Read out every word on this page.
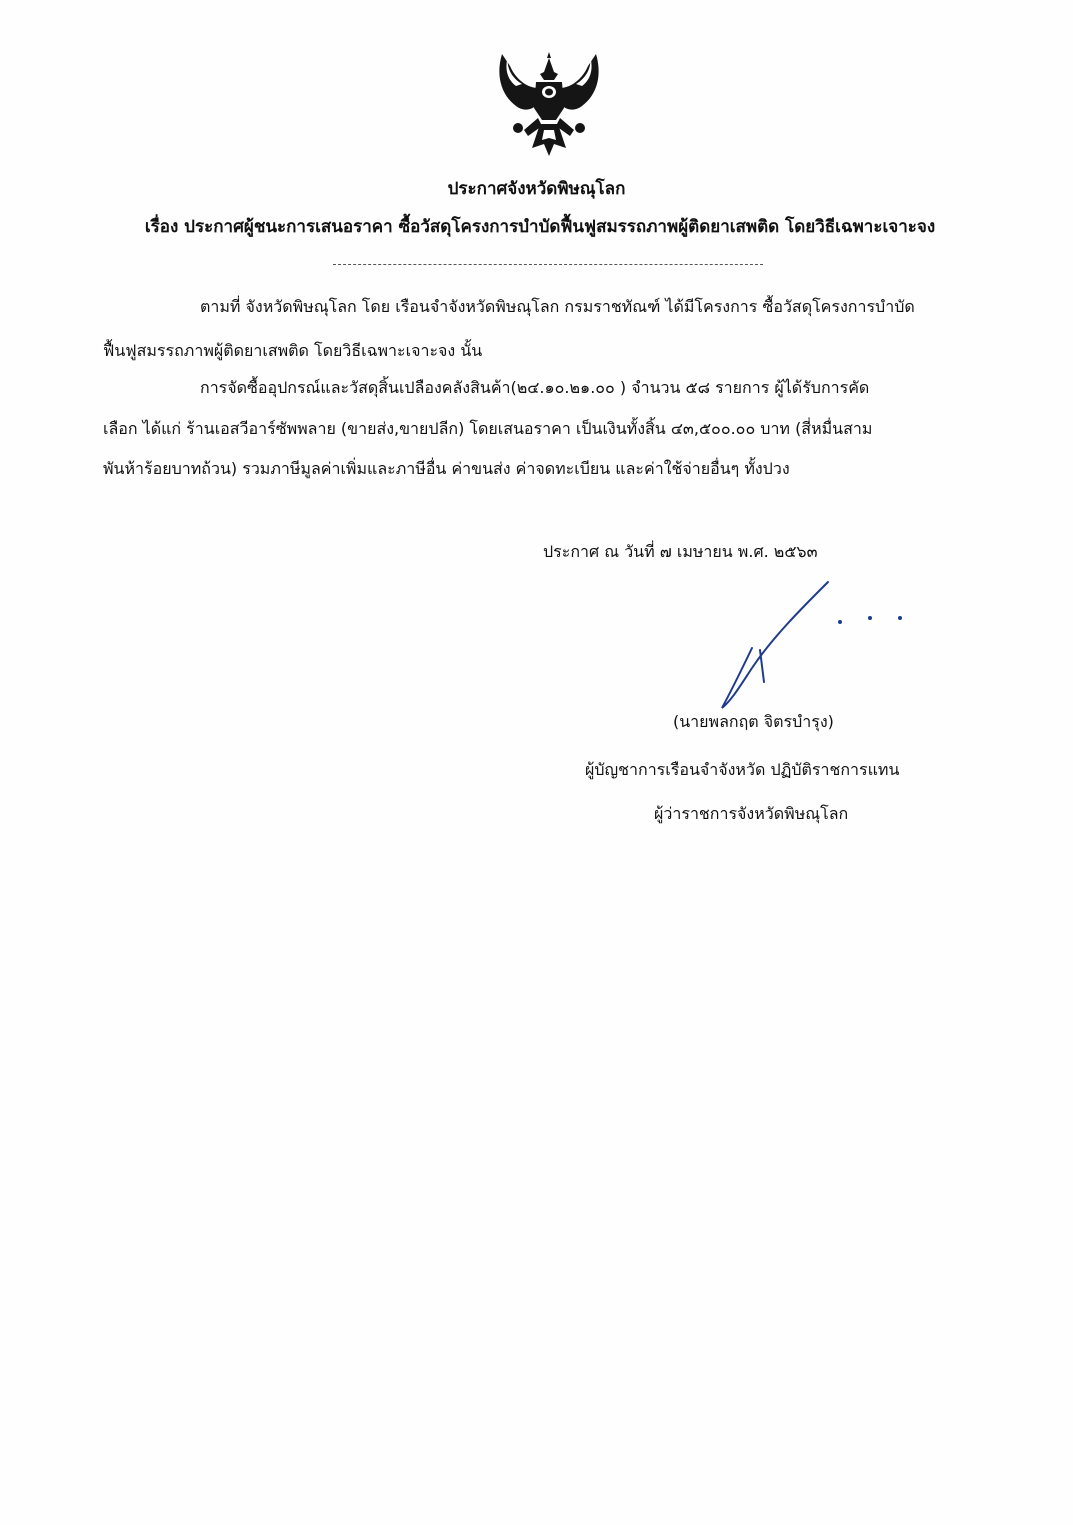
ประกาศจังหวัดพิษณุโลก
เรื่อง ประกาศผู้ชนะการเสนอราคา ซื้อวัสดุโครงการบำบัดฟื้นฟูสมรรถภาพผู้ติดยาเสพติด โดยวิธีเฉพาะเจาะจง
ตามที่ จังหวัดพิษณุโลก โดย เรือนจำจังหวัดพิษณุโลก กรมราชทัณฑ์ ได้มีโครงการ ซื้อวัสดุโครงการบำบัด
ฟื้นฟูสมรรถภาพผู้ติดยาเสพติด โดยวิธีเฉพาะเจาะจง นั้น
การจัดซื้ออุปกรณ์และวัสดุสิ้นเปลืองคลังสินค้า(๒๔.๑๐.๒๑.๐๐ ) จำนวน ๕๘ รายการ ผู้ได้รับการคัด
เลือก ได้แก่ ร้านเอสวีอาร์ซัพพลาย (ขายส่ง,ขายปลีก) โดยเสนอราคา เป็นเงินทั้งสิ้น ๔๓,๕๐๐.๐๐ บาท (สี่หมื่นสาม
พันห้าร้อยบาทถ้วน) รวมภาษีมูลค่าเพิ่มและภาษีอื่น ค่าขนส่ง ค่าจดทะเบียน และค่าใช้จ่ายอื่นๆ ทั้งปวง
ประกาศ ณ วันที่ ๗ เมษายน พ.ศ. ๒๕๖๓
(นายพลกฤต จิตรบำรุง)
ผู้บัญชาการเรือนจำจังหวัด ปฏิบัติราชการแทน
ผู้ว่าราชการจังหวัดพิษณุโลก
